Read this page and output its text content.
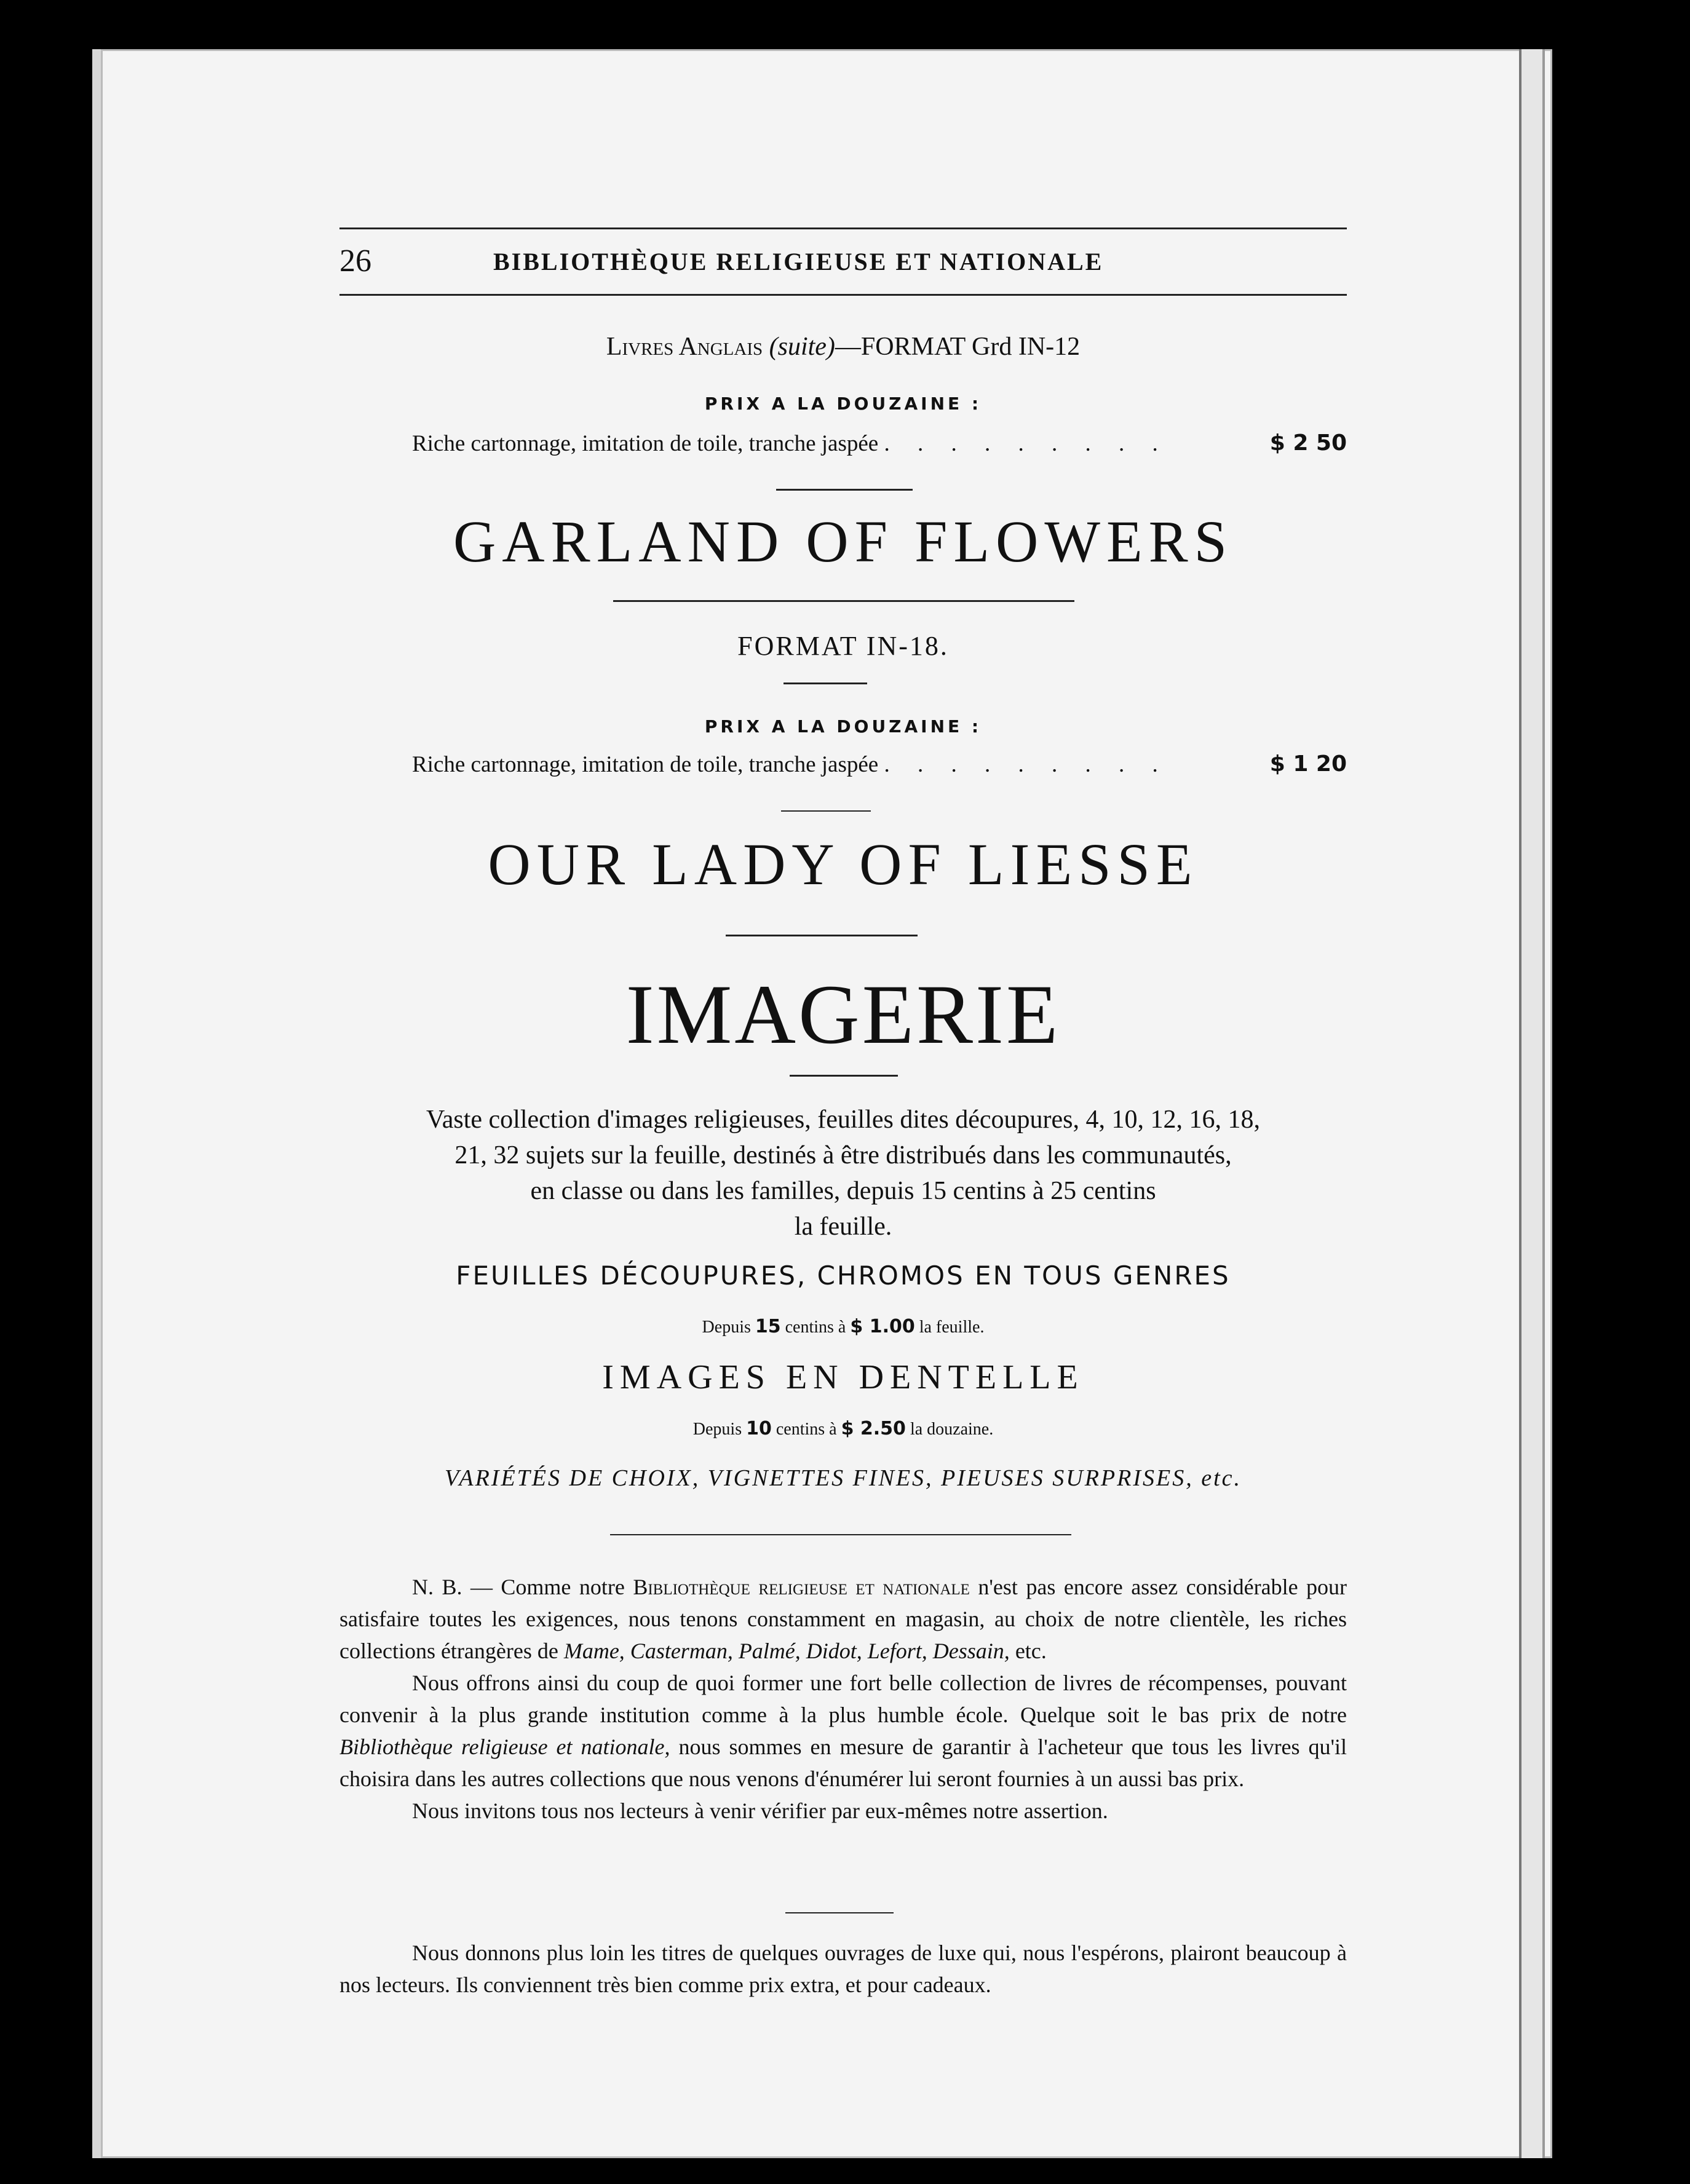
26	BIBLIOTHÈQUE RELIGIEUSE ET NATIONALE
Livres Anglais (suite)—FORMAT Grd IN-12
PRIX A LA DOUZAINE :
Riche cartonnage, imitation de toile, tranche jaspée . . . . . . . . .	$ 2 50
GARLAND OF FLOWERS
FORMAT IN-18.
PRIX A LA DOUZAINE :
Riche cartonnage, imitation de toile, tranche jaspée . . . . . . . . .	$ 1 20
OUR LADY OF LIESSE
IMAGERIE
Vaste collection d'images religieuses, feuilles dites découpures, 4, 10, 12, 16, 18,
21, 32 sujets sur la feuille, destinés à être distribués dans les communautés,
en classe ou dans les familles, depuis 15 centins à 25 centins
la feuille.
FEUILLES DÉCOUPURES, CHROMOS EN TOUS GENRES
Depuis 15 centins à $ 1.00 la feuille.
IMAGES EN DENTELLE
Depuis 10 centins à $ 2.50 la douzaine.
VARIÉTÉS DE CHOIX, VIGNETTES FINES, PIEUSES SURPRISES, etc.

N. B. — Comme notre Bibliothèque religieuse et nationale n'est pas encore assez considérable pour satisfaire toutes les exigences, nous tenons constamment en magasin, au choix de notre clientèle, les riches collections étrangères de Mame, Casterman, Palmé, Didot, Lefort, Dessain, etc.

Nous offrons ainsi du coup de quoi former une fort belle collection de livres de récompenses, pouvant convenir à la plus grande institution comme à la plus humble école. Quelque soit le bas prix de notre Bibliothèque religieuse et nationale, nous sommes en mesure de garantir à l'acheteur que tous les livres qu'il choisira dans les autres collections que nous venons d'énumérer lui seront fournies à un aussi bas prix.

Nous invitons tous nos lecteurs à venir vérifier par eux-mêmes notre assertion.

Nous donnons plus loin les titres de quelques ouvrages de luxe qui, nous l'espérons, plairont beaucoup à nos lecteurs. Ils conviennent très bien comme prix extra, et pour cadeaux.
